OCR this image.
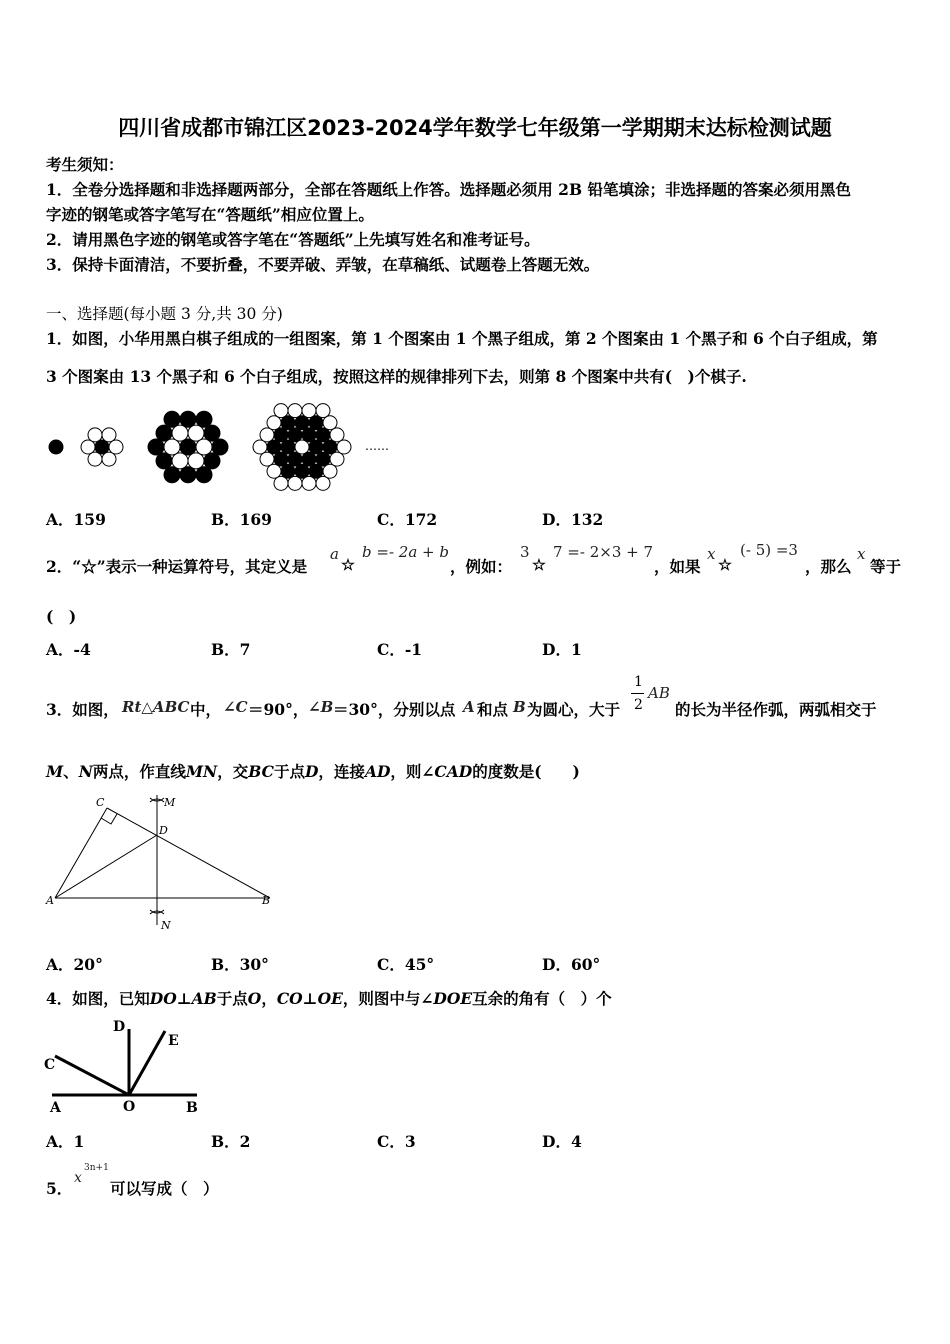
四川省成都市锦江区2023-2024学年数学七年级第一学期期末达标检测试题
考生须知：
1．全卷分选择题和非选择题两部分，全部在答题纸上作答。选择题必须用 2B 铅笔填涂；非选择题的答案必须用黑色
字迹的钢笔或答字笔写在“答题纸”相应位置上。
2．请用黑色字迹的钢笔或答字笔在“答题纸”上先填写姓名和准考证号。
3．保持卡面清洁，不要折叠，不要弄破、弄皱，在草稿纸、试题卷上答题无效。
一、选择题(每小题 3 分,共 30 分)
1．如图，小华用黑白棋子组成的一组图案，第 1 个图案由 1 个黑子组成，第 2 个图案由 1 个黑子和 6 个白子组成，第
3 个图案由 13 个黑子和 6 个白子组成，按照这样的规律排列下去，则第 8 个图案中共有(　)个棋子.
……
A．159	B．169	C．172	D．132
2．“☆”表示一种运算符号，其定义是
a
☆
b =- 2a + b
，例如：
3
☆
7 =- 2×3 + 7
，如果
x
☆
(- 5) =3
，那么
x
等于
(　)
A．-4	B．7	C．-1	D．1
3．如图， Rt△ABC 中， ∠C ＝90°， ∠B ＝30°，分别以点 A 和点 B 为圆心，大于
1
2
AB
的长为半径作弧，两弧相交于
M、N两点，作直线MN，交BC于点D，连接AD，则∠CAD的度数是(　　)
C	M
D
A	B
N
A．20°	B．30°	C．45°	D．60°
4．如图，已知DO⊥AB于点O，CO⊥OE，则图中与∠DOE互余的角有（　）个
D
E
C
A	O	B
A．1	B．2	C．3	D．4
5．
x
3n+1
可以写成（　）
